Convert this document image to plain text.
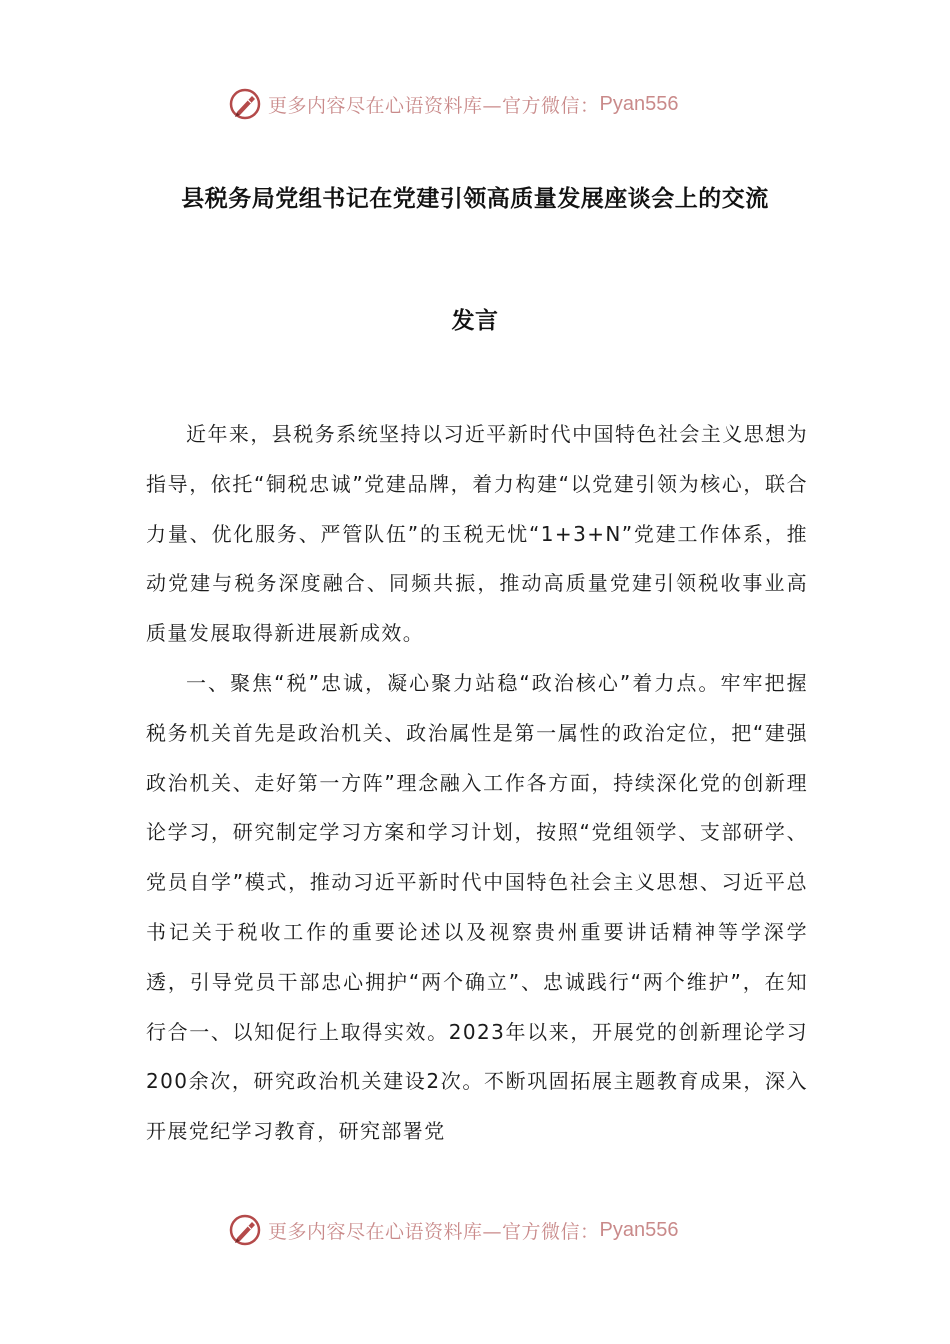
更多内容尽在心语资料库—官方微信： Pyan556
县税务局党组书记在党建引领高质量发展座谈会上的交流
发言

近年来，县税务系统坚持以习近平新时代中国特色社会主义思想为指导，依托“铜税忠诚”党建品牌，着力构建“以党建引领为核心，联合力量、优化服务、严管队伍”的玉税无忧“1+3+N”党建工作体系，推动党建与税务深度融合、同频共振，推动高质量党建引领税收事业高质量发展取得新进展新成效。

一、聚焦“税”忠诚，凝心聚力站稳“政治核心”着力点。牢牢把握税务机关首先是政治机关、政治属性是第一属性的政治定位，把“建强政治机关、走好第一方阵”理念融入工作各方面，持续深化党的创新理论学习，研究制定学习方案和学习计划，按照“党组领学、支部研学、党员自学”模式，推动习近平新时代中国特色社会主义思想、习近平总书记关于税收工作的重要论述以及视察贵州重要讲话精神等学深学透，引导党员干部忠心拥护“两个确立”、忠诚践行“两个维护”，在知行合一、以知促行上取得实效。2023年以来，开展党的创新理论学习200余次，研究政治机关建设2次。不断巩固拓展主题教育成果，深入开展党纪学习教育，研究部署党

更多内容尽在心语资料库—官方微信： Pyan556
